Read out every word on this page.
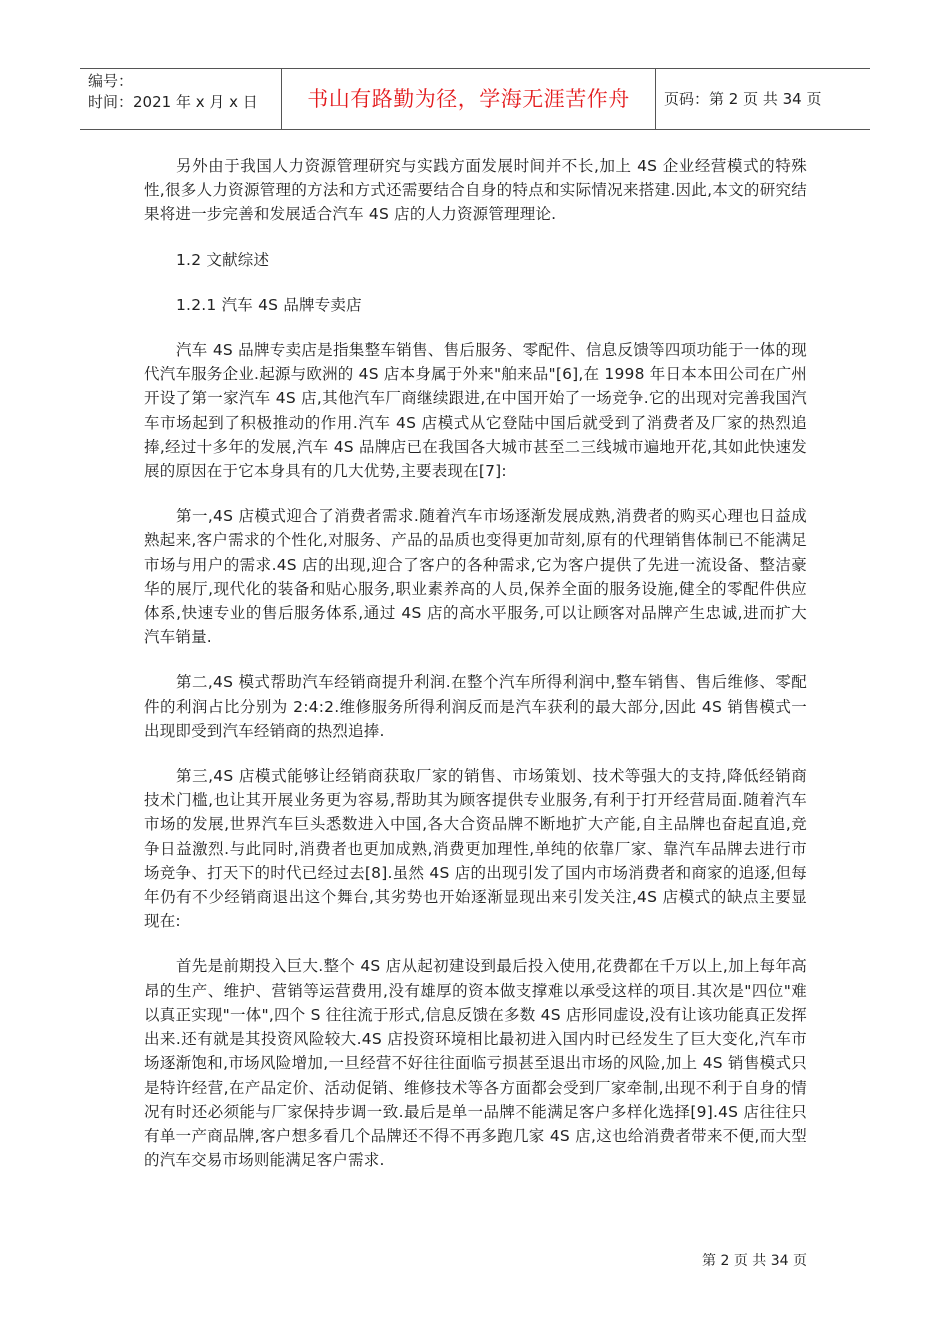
编号：
时间：2021 年 x 月 x 日	书山有路勤为径，学海无涯苦作舟	页码：第 2 页 共 34 页

另外由于我国人力资源管理研究与实践方面发展时间并不长,加上 4S 企业经营模式的特殊性,很多人力资源管理的方法和方式还需要结合自身的特点和实际情况来搭建.因此,本文的研究结果将进一步完善和发展适合汽车 4S 店的人力资源管理理论.

1.2 文献综述

1.2.1 汽车 4S 品牌专卖店

汽车 4S 品牌专卖店是指集整车销售、售后服务、零配件、信息反馈等四项功能于一体的现代汽车服务企业.起源与欧洲的 4S 店本身属于外来"舶来品"[6],在 1998 年日本本田公司在广州开设了第一家汽车 4S 店,其他汽车厂商继续跟进,在中国开始了一场竞争.它的出现对完善我国汽车市场起到了积极推动的作用.汽车 4S 店模式从它登陆中国后就受到了消费者及厂家的热烈追捧,经过十多年的发展,汽车 4S 品牌店已在我国各大城市甚至二三线城市遍地开花,其如此快速发展的原因在于它本身具有的几大优势,主要表现在[7]:

第一,4S 店模式迎合了消费者需求.随着汽车市场逐渐发展成熟,消费者的购买心理也日益成熟起来,客户需求的个性化,对服务、产品的品质也变得更加苛刻,原有的代理销售体制已不能满足市场与用户的需求.4S 店的出现,迎合了客户的各种需求,它为客户提供了先进一流设备、整洁豪华的展厅,现代化的装备和贴心服务,职业素养高的人员,保养全面的服务设施,健全的零配件供应体系,快速专业的售后服务体系,通过 4S 店的高水平服务,可以让顾客对品牌产生忠诚,进而扩大汽车销量.

第二,4S 模式帮助汽车经销商提升利润.在整个汽车所得利润中,整车销售、售后维修、零配件的利润占比分别为 2:4:2.维修服务所得利润反而是汽车获利的最大部分,因此 4S 销售模式一出现即受到汽车经销商的热烈追捧.

第三,4S 店模式能够让经销商获取厂家的销售、市场策划、技术等强大的支持,降低经销商技术门槛,也让其开展业务更为容易,帮助其为顾客提供专业服务,有利于打开经营局面.随着汽车市场的发展,世界汽车巨头悉数进入中国,各大合资品牌不断地扩大产能,自主品牌也奋起直追,竞争日益激烈.与此同时,消费者也更加成熟,消费更加理性,单纯的依靠厂家、靠汽车品牌去进行市场竞争、打天下的时代已经过去[8].虽然 4S 店的出现引发了国内市场消费者和商家的追逐,但每年仍有不少经销商退出这个舞台,其劣势也开始逐渐显现出来引发关注,4S 店模式的缺点主要显现在:

首先是前期投入巨大.整个 4S 店从起初建设到最后投入使用,花费都在千万以上,加上每年高昂的生产、维护、营销等运营费用,没有雄厚的资本做支撑难以承受这样的项目.其次是"四位"难以真正实现"一体",四个 S 往往流于形式,信息反馈在多数 4S 店形同虚设,没有让该功能真正发挥出来.还有就是其投资风险较大.4S 店投资环境相比最初进入国内时已经发生了巨大变化,汽车市场逐渐饱和,市场风险增加,一旦经营不好往往面临亏损甚至退出市场的风险,加上 4S 销售模式只是特许经营,在产品定价、活动促销、维修技术等各方面都会受到厂家牵制,出现不利于自身的情况有时还必须能与厂家保持步调一致.最后是单一品牌不能满足客户多样化选择[9].4S 店往往只有单一产商品牌,客户想多看几个品牌还不得不再多跑几家 4S 店,这也给消费者带来不便,而大型的汽车交易市场则能满足客户需求.

第 2 页 共 34 页
